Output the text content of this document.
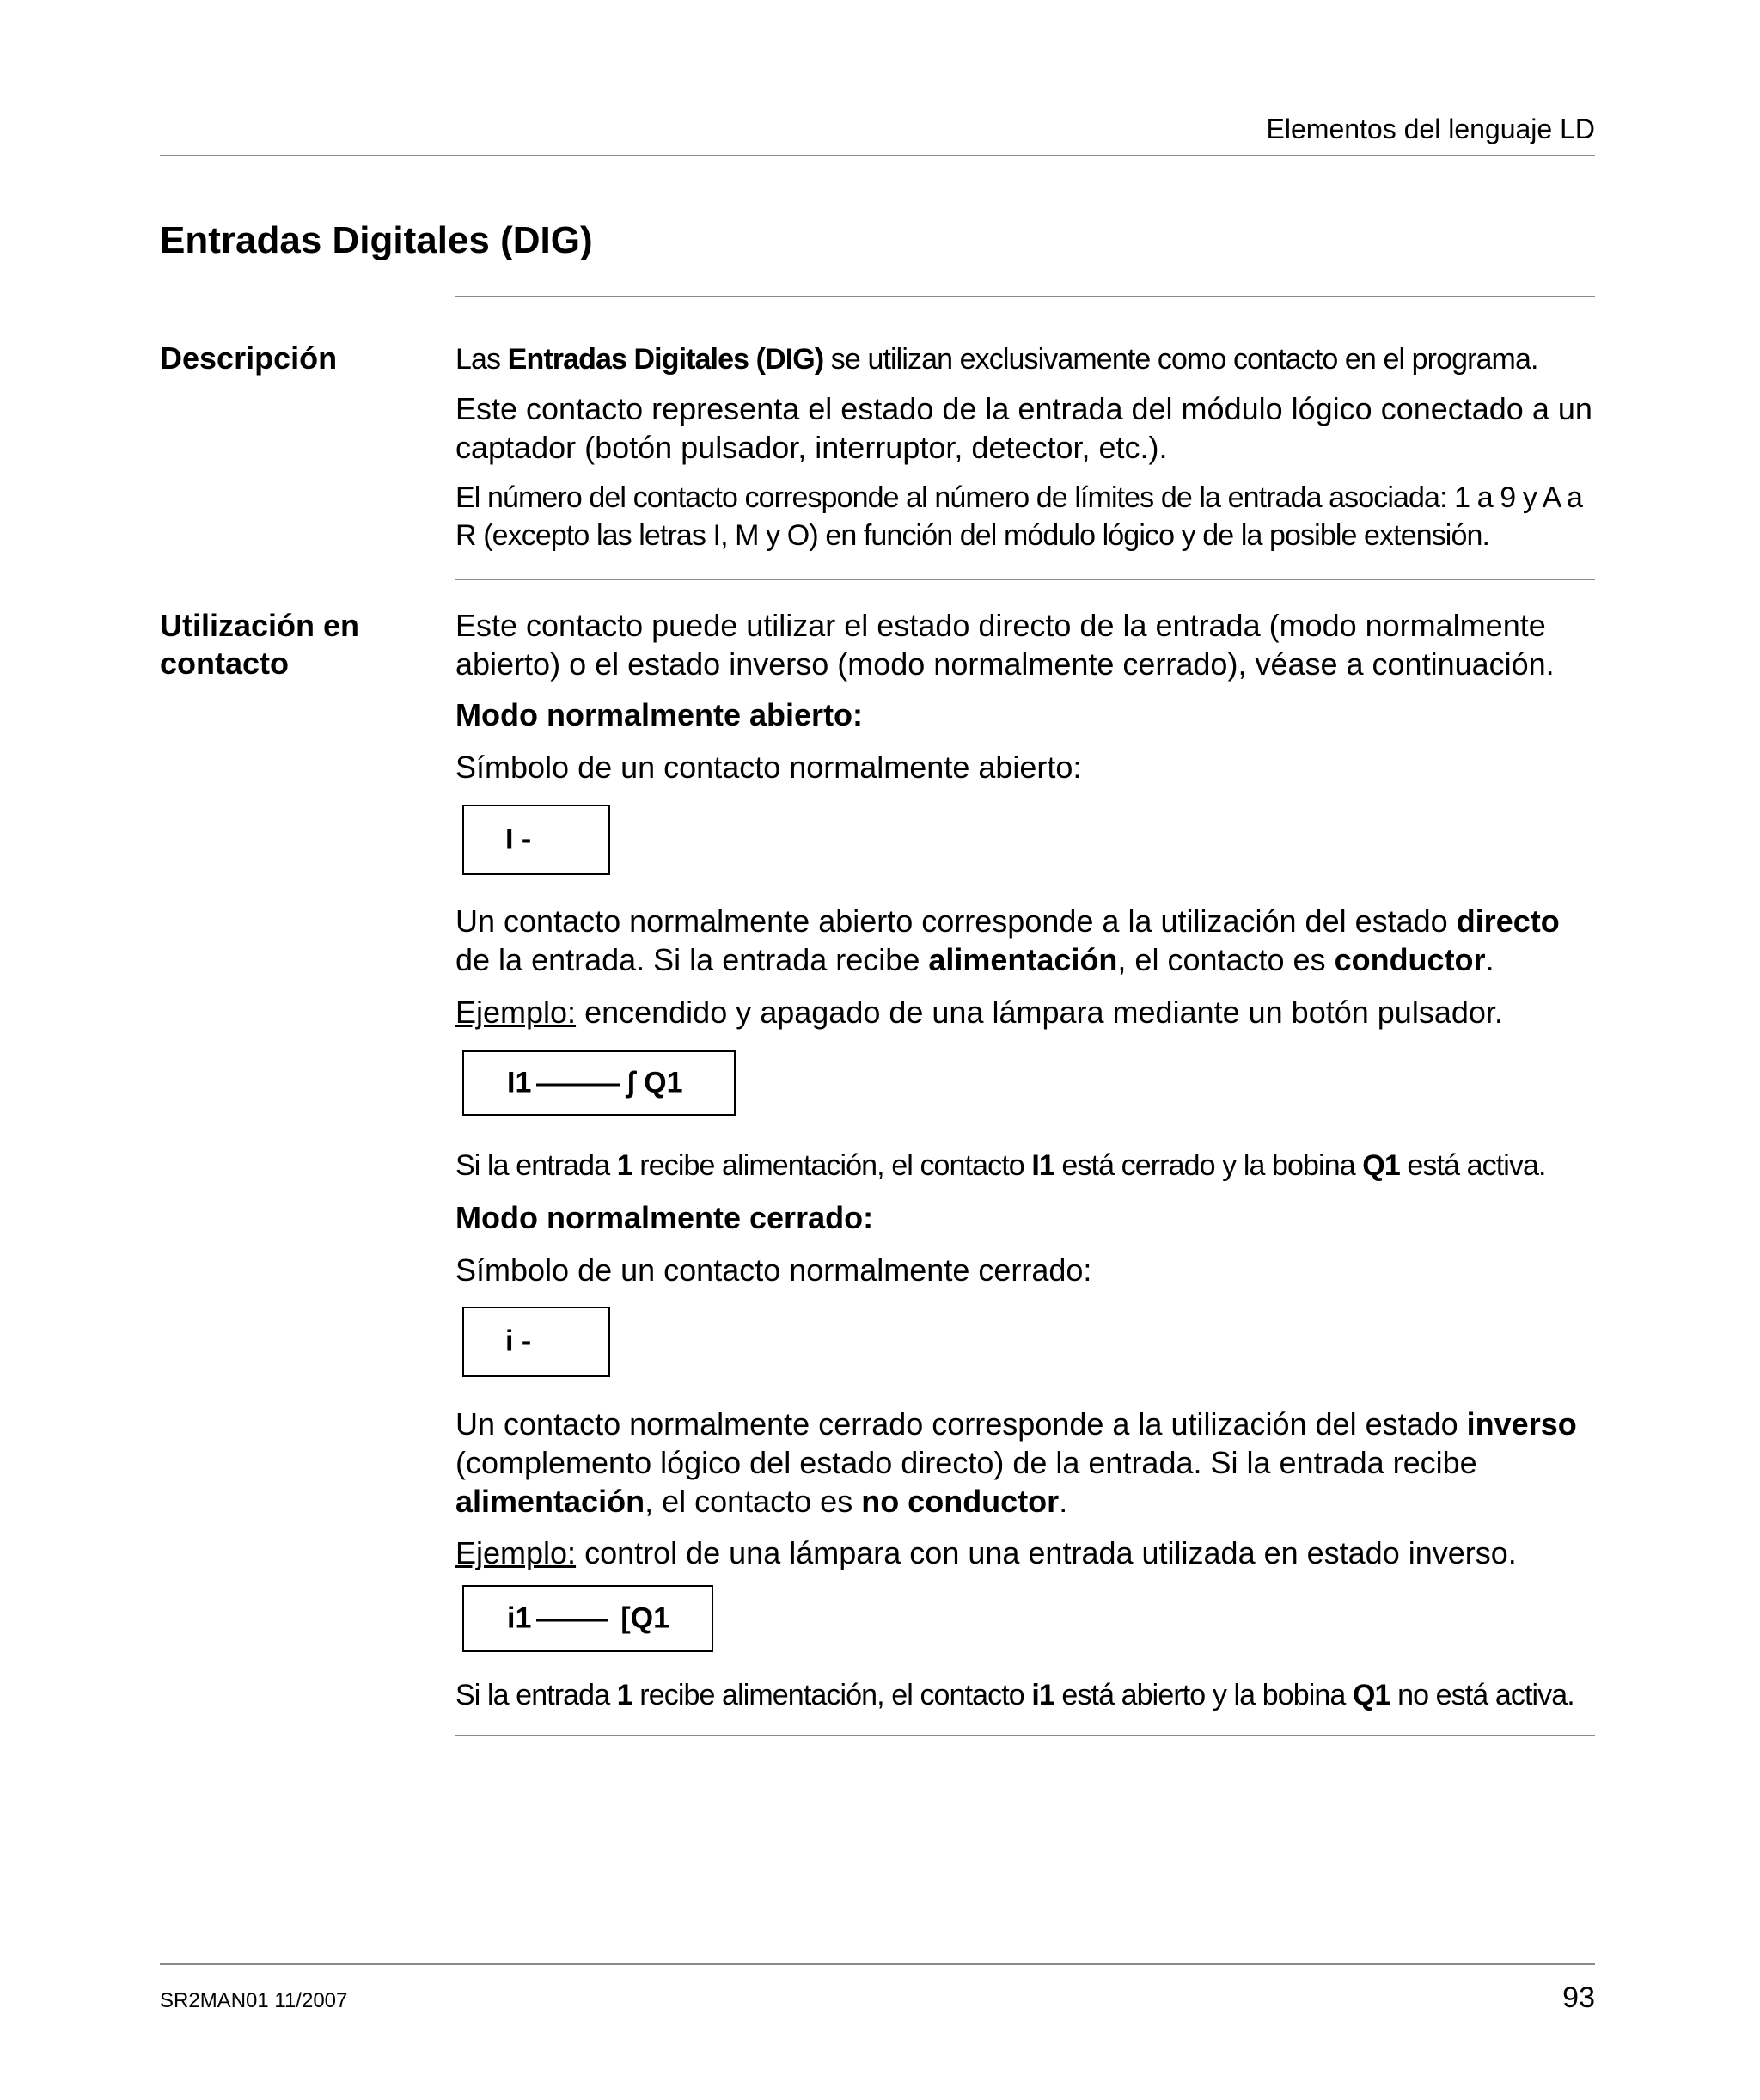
Elementos del lenguaje LD
Entradas Digitales (DIG)
Descripción	Las Entradas Digitales (DIG) se utilizan exclusivamente como contacto en el programa.
Este contacto representa el estado de la entrada del módulo lógico conectado a un captador (botón pulsador, interruptor, detector, etc.).
El número del contacto corresponde al número de límites de la entrada asociada: 1 a 9 y A a R (excepto las letras I, M y O) en función del módulo lógico y de la posible extensión.
Utilización en
contacto
Este contacto puede utilizar el estado directo de la entrada (modo normalmente abierto) o el estado inverso (modo normalmente cerrado), véase a continuación.
Modo normalmente abierto:
Símbolo de un contacto normalmente abierto:
I -
Un contacto normalmente abierto corresponde a la utilización del estado directo de la entrada. Si la entrada recibe alimentación, el contacto es conductor.
Ejemplo: encendido y apagado de una lámpara mediante un botón pulsador.
I1	ʃ Q1
Si la entrada 1 recibe alimentación, el contacto I1 está cerrado y la bobina Q1 está activa.
Modo normalmente cerrado:
Símbolo de un contacto normalmente cerrado:
i -
Un contacto normalmente cerrado corresponde a la utilización del estado inverso (complemento lógico del estado directo) de la entrada. Si la entrada recibe alimentación, el contacto es no conductor.
Ejemplo: control de una lámpara con una entrada utilizada en estado inverso.
i1	[Q1
Si la entrada 1 recibe alimentación, el contacto i1 está abierto y la bobina Q1 no está activa.
SR2MAN01 11/2007	93
